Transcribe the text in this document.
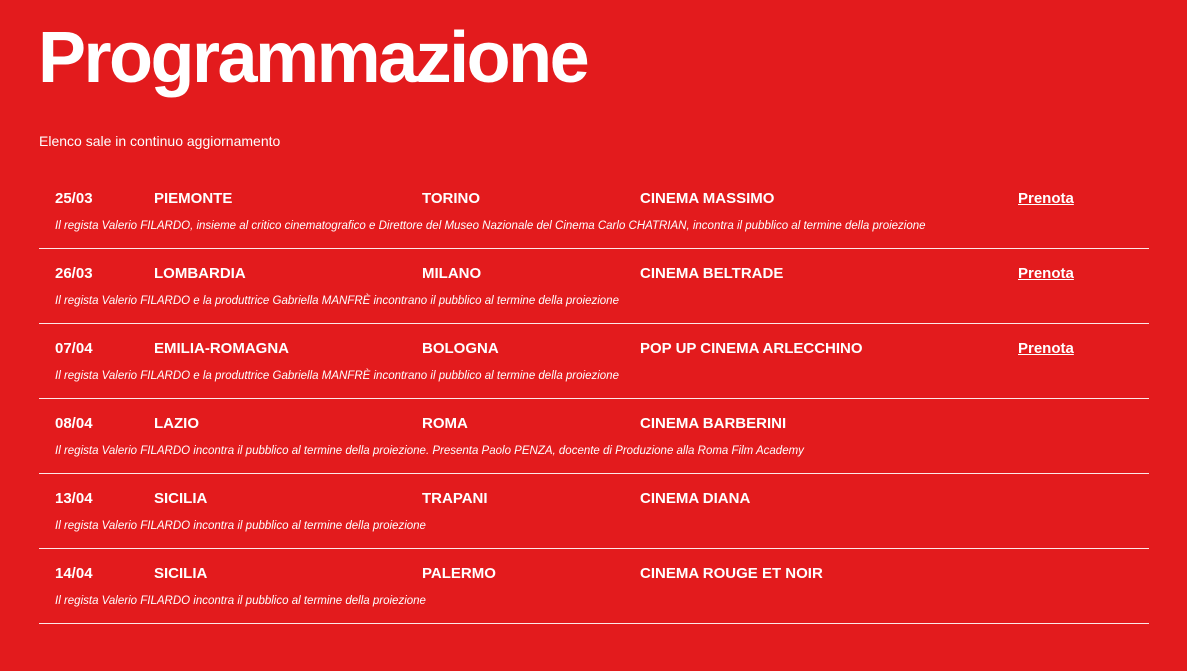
Programmazione

Elenco sale in continuo aggiornamento

25/03	PIEMONTE	TORINO	CINEMA MASSIMO	Prenota
Il regista Valerio FILARDO, insieme al critico cinematografico e Direttore del Museo Nazionale del Cinema Carlo CHATRIAN, incontra il pubblico al termine della proiezione
26/03	LOMBARDIA	MILANO	CINEMA BELTRADE	Prenota
Il regista Valerio FILARDO e la produttrice Gabriella MANFRÈ incontrano il pubblico al termine della proiezione
07/04	EMILIA-ROMAGNA	BOLOGNA	POP UP CINEMA ARLECCHINO	Prenota
Il regista Valerio FILARDO e la produttrice Gabriella MANFRÈ incontrano il pubblico al termine della proiezione
08/04	LAZIO	ROMA	CINEMA BARBERINI
Il regista Valerio FILARDO incontra il pubblico al termine della proiezione. Presenta Paolo PENZA, docente di Produzione alla Roma Film Academy
13/04	SICILIA	TRAPANI	CINEMA DIANA
Il regista Valerio FILARDO incontra il pubblico al termine della proiezione
14/04	SICILIA	PALERMO	CINEMA ROUGE ET NOIR
Il regista Valerio FILARDO incontra il pubblico al termine della proiezione
